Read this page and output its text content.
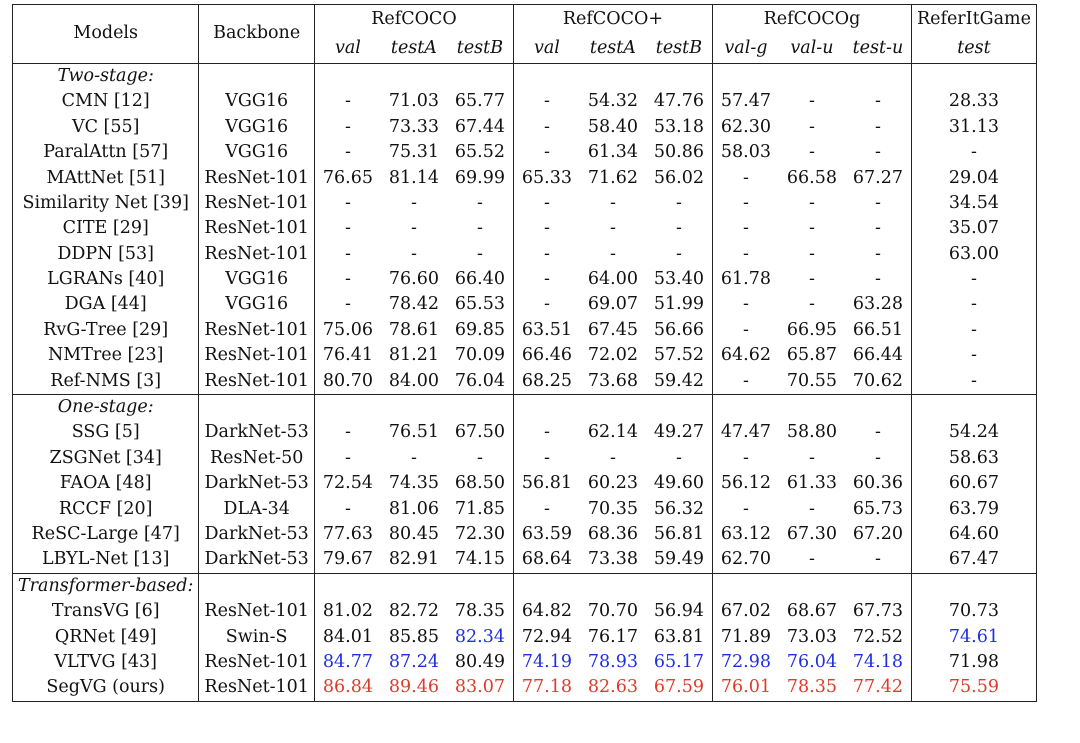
Models	Backbone	RefCOCO			RefCOCO+			RefCOCOg			ReferItGame
		val	testA	testB	val	testA	testB	val-g	val-u	test-u	test
Two-stage:											
CMN [12]	VGG16	-	71.03	65.77	-	54.32	47.76	57.47	-	-	28.33
VC [55]	VGG16	-	73.33	67.44	-	58.40	53.18	62.30	-	-	31.13
ParalAttn [57]	VGG16	-	75.31	65.52	-	61.34	50.86	58.03	-	-	-
MAttNet [51]	ResNet-101	76.65	81.14	69.99	65.33	71.62	56.02	-	66.58	67.27	29.04
Similarity Net [39]	ResNet-101	-	-	-	-	-	-	-	-	-	34.54
CITE [29]	ResNet-101	-	-	-	-	-	-	-	-	-	35.07
DDPN [53]	ResNet-101	-	-	-	-	-	-	-	-	-	63.00
LGRANs [40]	VGG16	-	76.60	66.40	-	64.00	53.40	61.78	-	-	-
DGA [44]	VGG16	-	78.42	65.53	-	69.07	51.99	-	-	63.28	-
RvG-Tree [29]	ResNet-101	75.06	78.61	69.85	63.51	67.45	56.66	-	66.95	66.51	-
NMTree [23]	ResNet-101	76.41	81.21	70.09	66.46	72.02	57.52	64.62	65.87	66.44	-
Ref-NMS [3]	ResNet-101	80.70	84.00	76.04	68.25	73.68	59.42	-	70.55	70.62	-
One-stage:											
SSG [5]	DarkNet-53	-	76.51	67.50	-	62.14	49.27	47.47	58.80	-	54.24
ZSGNet [34]	ResNet-50	-	-	-	-	-	-	-	-	-	58.63
FAOA [48]	DarkNet-53	72.54	74.35	68.50	56.81	60.23	49.60	56.12	61.33	60.36	60.67
RCCF [20]	DLA-34	-	81.06	71.85	-	70.35	56.32	-	-	65.73	63.79
ReSC-Large [47]	DarkNet-53	77.63	80.45	72.30	63.59	68.36	56.81	63.12	67.30	67.20	64.60
LBYL-Net [13]	DarkNet-53	79.67	82.91	74.15	68.64	73.38	59.49	62.70	-	-	67.47
Transformer-based:											
TransVG [6]	ResNet-101	81.02	82.72	78.35	64.82	70.70	56.94	67.02	68.67	67.73	70.73
QRNet [49]	Swin-S	84.01	85.85	82.34	72.94	76.17	63.81	71.89	73.03	72.52	74.61
VLTVG [43]	ResNet-101	84.77	87.24	80.49	74.19	78.93	65.17	72.98	76.04	74.18	71.98
SegVG (ours)	ResNet-101	86.84	89.46	83.07	77.18	82.63	67.59	76.01	78.35	77.42	75.59
